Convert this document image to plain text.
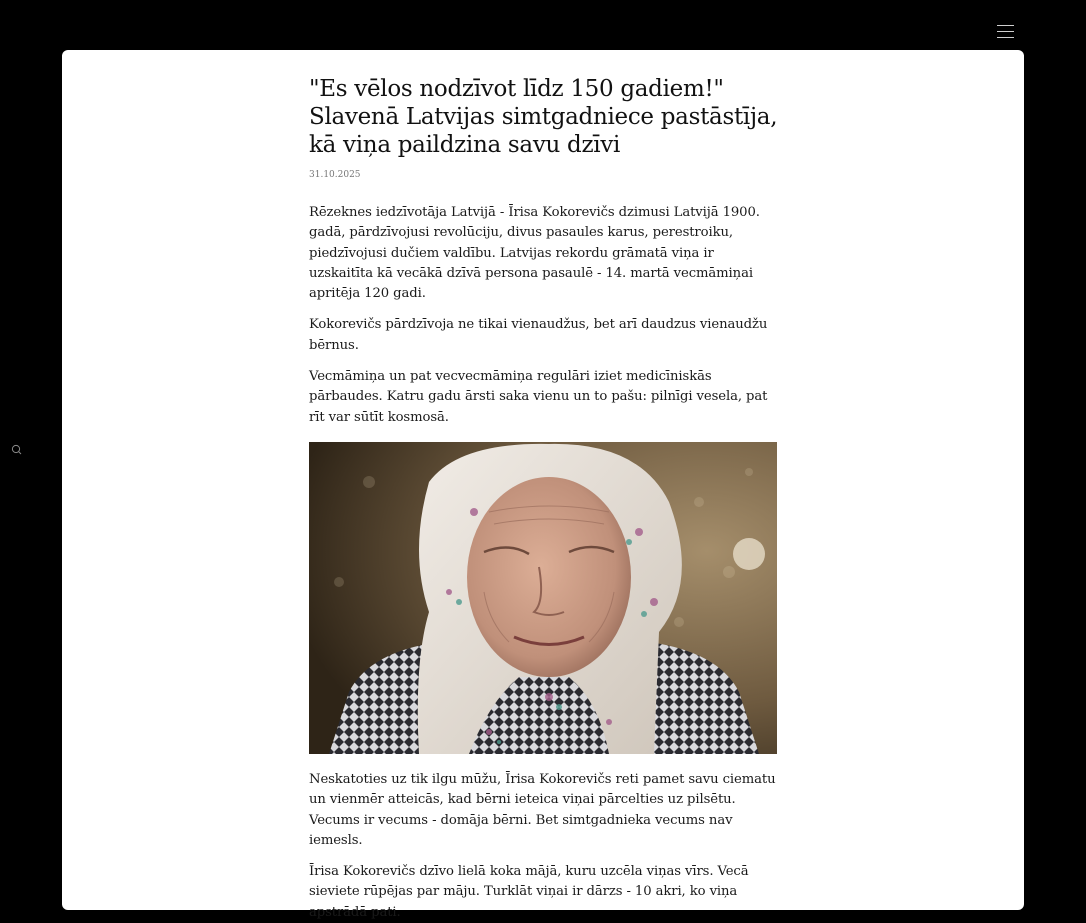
"Es vēlos nodzīvot līdz 150 gadiem!" Slavenā Latvijas simtgadniece pastāstīja, kā viņa paildzina savu dzīvi
31.10.2025

Rēzeknes iedzīvotāja Latvijā - Īrisa Kokorevičs dzimusi Latvijā 1900. gadā, pārdzīvojusi revolūciju, divus pasaules karus, perestroiku, piedzīvojusi dučiem valdību. Latvijas rekordu grāmatā viņa ir uzskaitīta kā vecākā dzīvā persona pasaulē - 14. martā vecmāmiņai apritēja 120 gadi.

Kokorevičs pārdzīvoja ne tikai vienaudžus, bet arī daudzus vienaudžu bērnus.

Vecmāmiņa un pat vecvecmāmiņa regulāri iziet medicīniskās pārbaudes. Katru gadu ārsti saka vienu un to pašu: pilnīgi vesela, pat rīt var sūtīt kosmosā.

Neskatoties uz tik ilgu mūžu, Īrisa Kokorevičs reti pamet savu ciematu un vienmēr atteicās, kad bērni ieteica viņai pārcelties uz pilsētu. Vecums ir vecums - domāja bērni. Bet simtgadnieka vecums nav iemesls.

Īrisa Kokorevičs dzīvo lielā koka mājā, kuru uzcēla viņas vīrs. Vecā sieviete rūpējas par māju. Turklāt viņai ir dārzs - 10 akri, ko viņa apstrādā pati.
